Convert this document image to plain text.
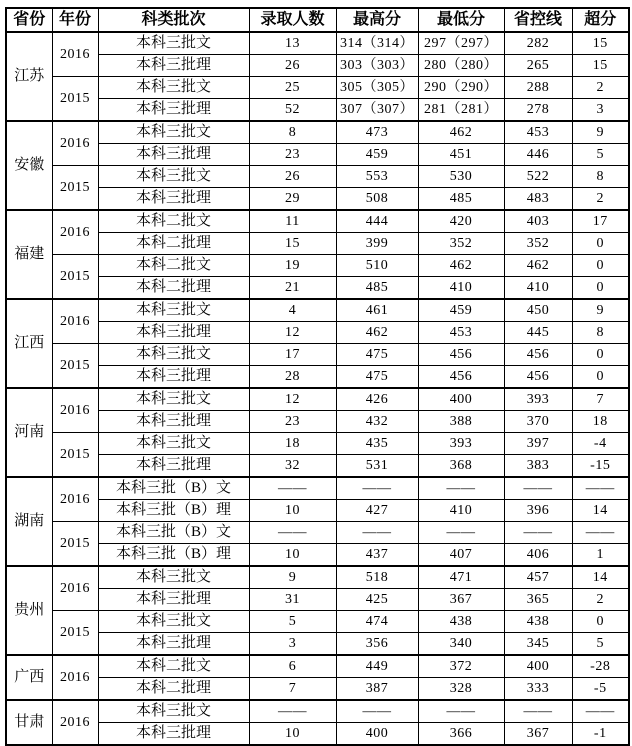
省份	年份	科类批次	录取人数	最高分	最低分	省控线	超分
江苏	2016	本科三批文	13	314（314）	297（297）	282	15
		本科三批理	26	303（303）	280（280）	265	15
	2015	本科三批文	25	305（305）	290（290）	288	2
		本科三批理	52	307（307）	281（281）	278	3
安徽	2016	本科三批文	8	473	462	453	9
		本科三批理	23	459	451	446	5
	2015	本科三批文	26	553	530	522	8
		本科三批理	29	508	485	483	2
福建	2016	本科二批文	11	444	420	403	17
		本科二批理	15	399	352	352	0
	2015	本科二批文	19	510	462	462	0
		本科二批理	21	485	410	410	0
江西	2016	本科三批文	4	461	459	450	9
		本科三批理	12	462	453	445	8
	2015	本科三批文	17	475	456	456	0
		本科三批理	28	475	456	456	0
河南	2016	本科三批文	12	426	400	393	7
		本科三批理	23	432	388	370	18
	2015	本科三批文	18	435	393	397	-4
		本科三批理	32	531	368	383	-15
湖南	2016	本科三批（B）文	——	——	——	——	——
		本科三批（B）理	10	427	410	396	14
	2015	本科三批（B）文	——	——	——	——	——
		本科三批（B）理	10	437	407	406	1
贵州	2016	本科三批文	9	518	471	457	14
		本科三批理	31	425	367	365	2
	2015	本科三批文	5	474	438	438	0
		本科三批理	3	356	340	345	5
广西	2016	本科二批文	6	449	372	400	-28
		本科二批理	7	387	328	333	-5
甘肃	2016	本科三批文	——	——	——	——	——
		本科三批理	10	400	366	367	-1
